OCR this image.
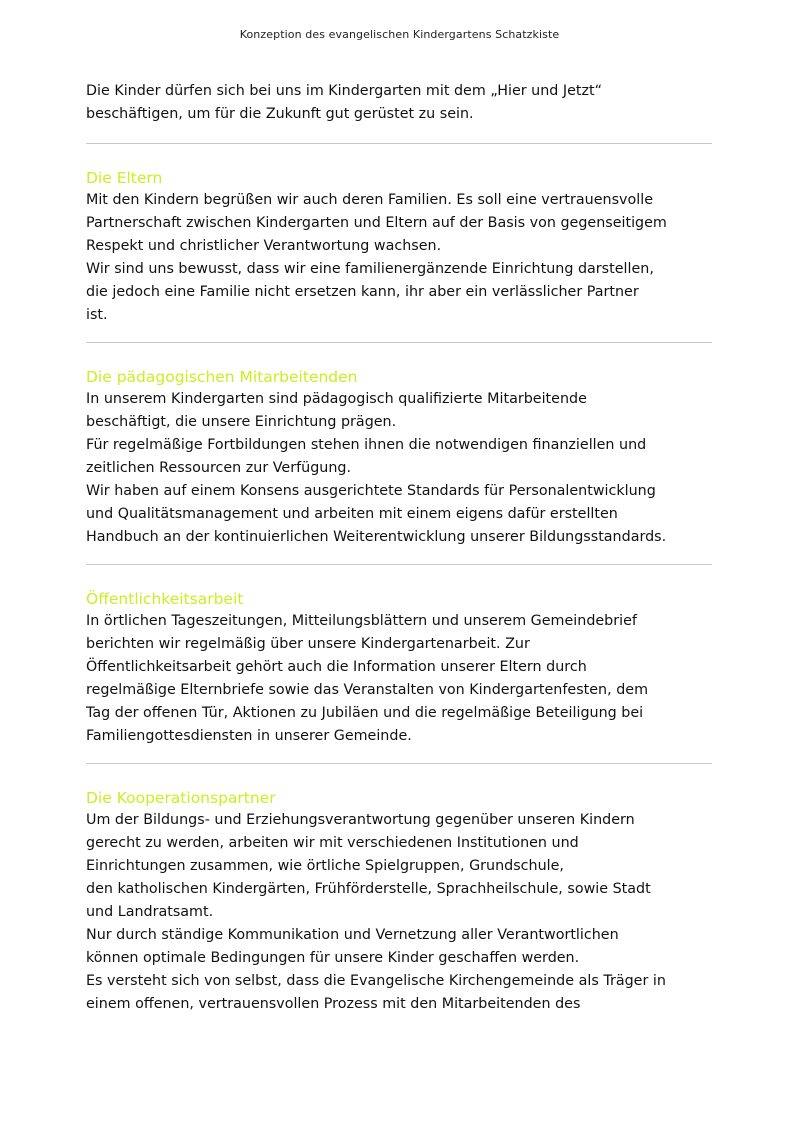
Konzeption des evangelischen Kindergartens Schatzkiste
Die Kinder dürfen sich bei uns im Kindergarten mit dem „Hier und Jetzt“
beschäftigen, um für die Zukunft gut gerüstet zu sein.
Die Eltern
Mit den Kindern begrüßen wir auch deren Familien. Es soll eine vertrauensvolle
Partnerschaft zwischen Kindergarten und Eltern auf der Basis von gegenseitigem
Respekt und christlicher Verantwortung wachsen.
Wir sind uns bewusst, dass wir eine familienergänzende Einrichtung darstellen,
die jedoch eine Familie nicht ersetzen kann, ihr aber ein verlässlicher Partner
ist.
Die pädagogischen Mitarbeitenden
In unserem Kindergarten sind pädagogisch qualifizierte Mitarbeitende
beschäftigt, die unsere Einrichtung prägen.
Für regelmäßige Fortbildungen stehen ihnen die notwendigen finanziellen und
zeitlichen Ressourcen zur Verfügung.
Wir haben auf einem Konsens ausgerichtete Standards für Personalentwicklung
und Qualitätsmanagement und arbeiten mit einem eigens dafür erstellten
Handbuch an der kontinuierlichen Weiterentwicklung unserer Bildungsstandards.
Öffentlichkeitsarbeit
In örtlichen Tageszeitungen, Mitteilungsblättern und unserem Gemeindebrief
berichten wir regelmäßig über unsere Kindergartenarbeit. Zur
Öffentlichkeitsarbeit gehört auch die Information unserer Eltern durch
regelmäßige Elternbriefe sowie das Veranstalten von Kindergartenfesten, dem
Tag der offenen Tür, Aktionen zu Jubiläen und die regelmäßige Beteiligung bei
Familiengottesdiensten in unserer Gemeinde.
Die Kooperationspartner
Um der Bildungs- und Erziehungsverantwortung gegenüber unseren Kindern
gerecht zu werden, arbeiten wir mit verschiedenen Institutionen und
Einrichtungen zusammen, wie örtliche Spielgruppen, Grundschule,
den katholischen Kindergärten, Frühförderstelle, Sprachheilschule, sowie Stadt
und Landratsamt.
Nur durch ständige Kommunikation und Vernetzung aller Verantwortlichen
können optimale Bedingungen für unsere Kinder geschaffen werden.
Es versteht sich von selbst, dass die Evangelische Kirchengemeinde als Träger in
einem offenen, vertrauensvollen Prozess mit den Mitarbeitenden des
